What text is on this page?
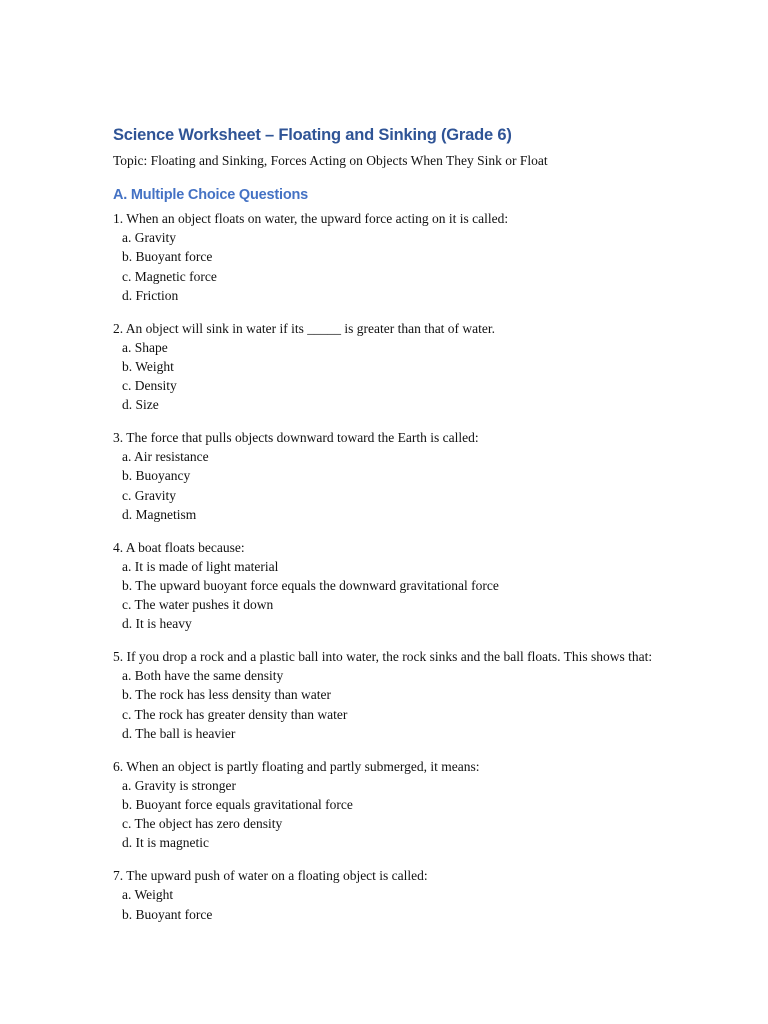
Science Worksheet – Floating and Sinking (Grade 6)

Topic: Floating and Sinking, Forces Acting on Objects When They Sink or Float

A. Multiple Choice Questions

1. When an object floats on water, the upward force acting on it is called:

a. Gravity
b. Buoyant force
c. Magnetic force
d. Friction

2. An object will sink in water if its _____ is greater than that of water.

a. Shape
b. Weight
c. Density
d. Size

3. The force that pulls objects downward toward the Earth is called:

a. Air resistance
b. Buoyancy
c. Gravity
d. Magnetism

4. A boat floats because:

a. It is made of light material
b. The upward buoyant force equals the downward gravitational force
c. The water pushes it down
d. It is heavy

5. If you drop a rock and a plastic ball into water, the rock sinks and the ball floats. This shows that:

a. Both have the same density
b. The rock has less density than water
c. The rock has greater density than water
d. The ball is heavier

6. When an object is partly floating and partly submerged, it means:

a. Gravity is stronger
b. Buoyant force equals gravitational force
c. The object has zero density
d. It is magnetic

7. The upward push of water on a floating object is called:

a. Weight
b. Buoyant force
